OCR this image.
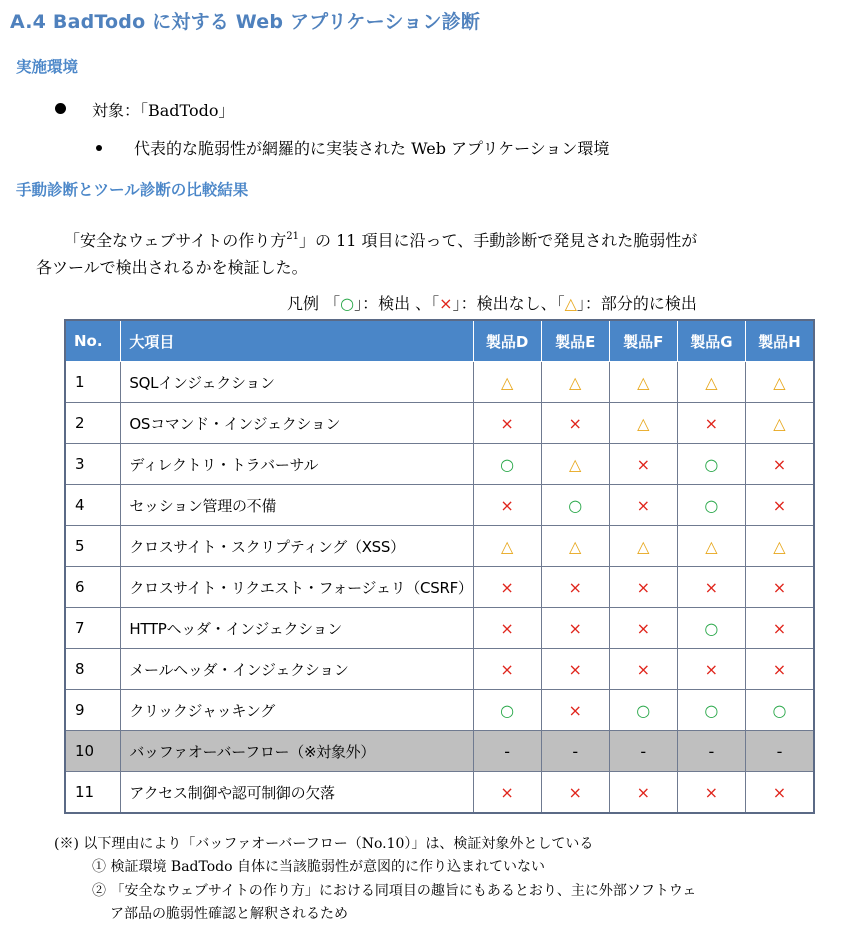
A.4 BadTodo に対する Web アプリケーション診断
実施環境
対象：「BadTodo」
代表的な脆弱性が網羅的に実装された Web アプリケーション環境
手動診断とツール診断の比較結果
「安全なウェブサイトの作り方$^{21}$」の 11 項目に沿って、手動診断で発見された脆弱性が
各ツールで検出されるかを検証した。
凡例 「○」：検出 、「×」：検出なし、「△」：部分的に検出
No.	大項目	製品D	製品E	製品F	製品G	製品H
1	SQLインジェクション	△	△	△	△	△
2	OSコマンド・インジェクション	×	×	△	×	△
3	ディレクトリ・トラバーサル	○	△	×	○	×
4	セッション管理の不備	×	○	×	○	×
5	クロスサイト・スクリプティング（XSS）	△	△	△	△	△
6	クロスサイト・リクエスト・フォージェリ（CSRF）	×	×	×	×	×
7	HTTPヘッダ・インジェクション	×	×	×	○	×
8	メールヘッダ・インジェクション	×	×	×	×	×
9	クリックジャッキング	○	×	○	○	○
10	バッファオーバーフロー（※対象外）	-	-	-	-	-
11	アクセス制御や認可制御の欠落	×	×	×	×	×
(※) 以下理由により「バッファオーバーフロー（No.10）」は、検証対象外としている
① 検証環境 BadTodo 自体に当該脆弱性が意図的に作り込まれていない
② 「安全なウェブサイトの作り方」における同項目の趣旨にもあるとおり、主に外部ソフトウェ
ア部品の脆弱性確認と解釈されるため
